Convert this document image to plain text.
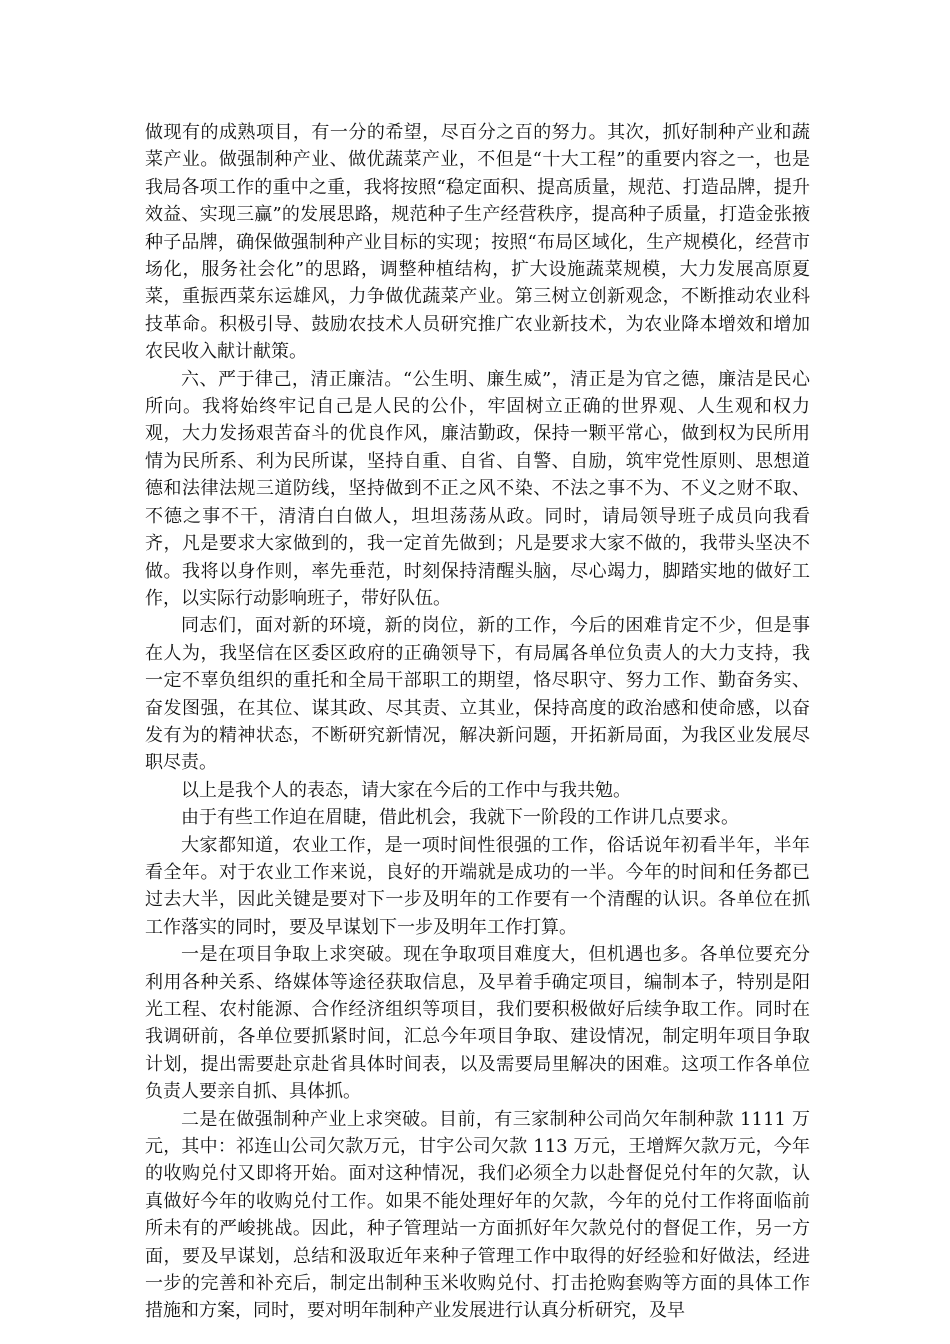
做现有的成熟项目，有一分的希望，尽百分之百的努力。其次，抓好制种产业和蔬菜产业。做强制种产业、做优蔬菜产业，不但是“十大工程”的重要内容之一，也是我局各项工作的重中之重，我将按照“稳定面积、提高质量，规范、打造品牌，提升效益、实现三赢”的发展思路，规范种子生产经营秩序，提高种子质量，打造金张掖种子品牌，确保做强制种产业目标的实现；按照“布局区域化，生产规模化，经营市场化，服务社会化”的思路，调整种植结构，扩大设施蔬菜规模，大力发展高原夏菜，重振西菜东运雄风，力争做优蔬菜产业。第三树立创新观念，不断推动农业科技革命。积极引导、鼓励农技术人员研究推广农业新技术，为农业降本增效和增加农民收入献计献策。

六、严于律己，清正廉洁。“公生明、廉生威”，清正是为官之德，廉洁是民心所向。我将始终牢记自己是人民的公仆，牢固树立正确的世界观、人生观和权力观，大力发扬艰苦奋斗的优良作风，廉洁勤政，保持一颗平常心，做到权为民所用情为民所系、利为民所谋，坚持自重、自省、自警、自励，筑牢党性原则、思想道德和法律法规三道防线，坚持做到不正之风不染、不法之事不为、不义之财不取、不德之事不干，清清白白做人，坦坦荡荡从政。同时，请局领导班子成员向我看齐，凡是要求大家做到的，我一定首先做到；凡是要求大家不做的，我带头坚决不做。我将以身作则，率先垂范，时刻保持清醒头脑，尽心竭力，脚踏实地的做好工作，以实际行动影响班子，带好队伍。

同志们，面对新的环境，新的岗位，新的工作，今后的困难肯定不少，但是事在人为，我坚信在区委区政府的正确领导下，有局属各单位负责人的大力支持，我一定不辜负组织的重托和全局干部职工的期望，恪尽职守、努力工作、勤奋务实、奋发图强，在其位、谋其政、尽其责、立其业，保持高度的政治感和使命感，以奋发有为的精神状态，不断研究新情况，解决新问题，开拓新局面，为我区业发展尽职尽责。

以上是我个人的表态，请大家在今后的工作中与我共勉。

由于有些工作迫在眉睫，借此机会，我就下一阶段的工作讲几点要求。

大家都知道，农业工作，是一项时间性很强的工作，俗话说年初看半年，半年看全年。对于农业工作来说，良好的开端就是成功的一半。今年的时间和任务都已过去大半，因此关键是要对下一步及明年的工作要有一个清醒的认识。各单位在抓工作落实的同时，要及早谋划下一步及明年工作打算。

一是在项目争取上求突破。现在争取项目难度大，但机遇也多。各单位要充分利用各种关系、络媒体等途径获取信息，及早着手确定项目，编制本子，特别是阳光工程、农村能源、合作经济组织等项目，我们要积极做好后续争取工作。同时在我调研前，各单位要抓紧时间，汇总今年项目争取、建设情况，制定明年项目争取计划，提出需要赴京赴省具体时间表，以及需要局里解决的困难。这项工作各单位负责人要亲自抓、具体抓。

二是在做强制种产业上求突破。目前，有三家制种公司尚欠年制种款 1111 万元，其中：祁连山公司欠款万元，甘宇公司欠款 113 万元，王增辉欠款万元，今年的收购兑付又即将开始。面对这种情况，我们必须全力以赴督促兑付年的欠款，认真做好今年的收购兑付工作。如果不能处理好年的欠款，今年的兑付工作将面临前所未有的严峻挑战。因此，种子管理站一方面抓好年欠款兑付的督促工作，另一方面，要及早谋划，总结和汲取近年来种子管理工作中取得的好经验和好做法，经进一步的完善和补充后，制定出制种玉米收购兑付、打击抢购套购等方面的具体工作措施和方案，同时，要对明年制种产业发展进行认真分析研究，及早
